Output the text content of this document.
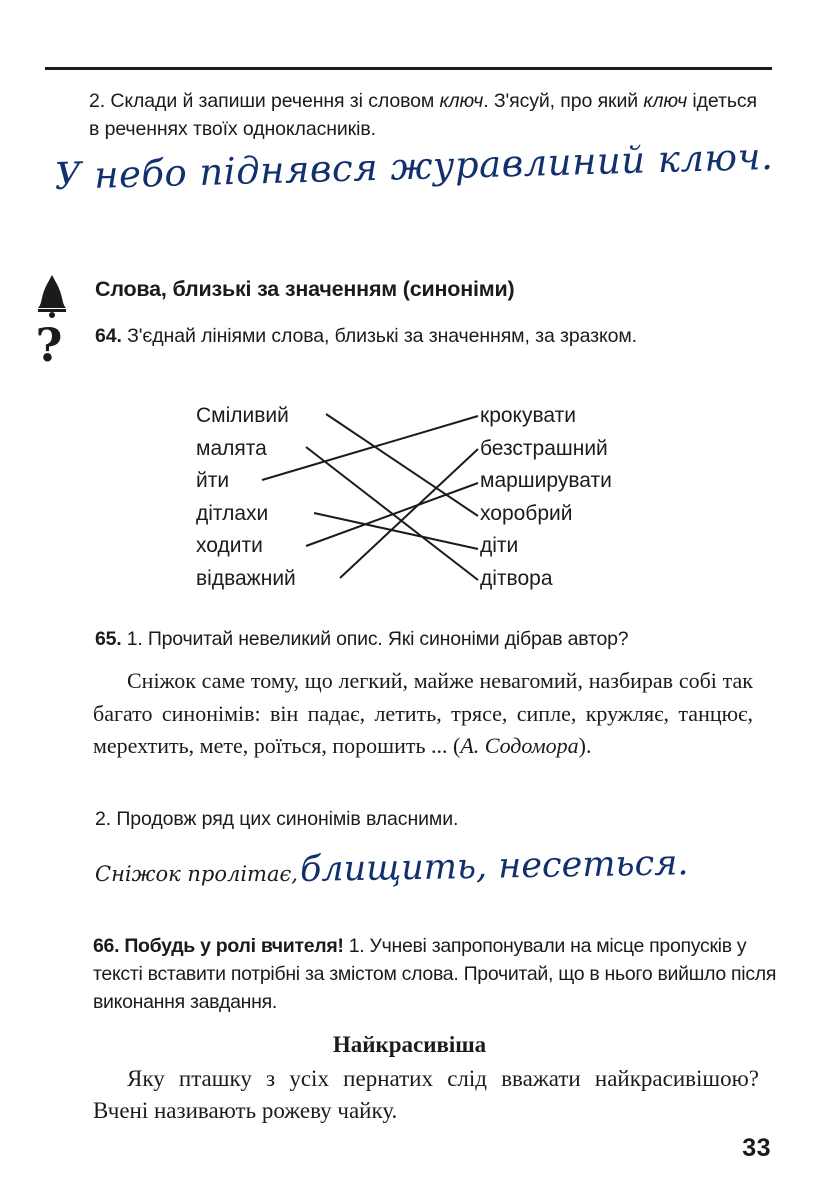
2. Склади й запиши речення зі словом ключ. З'ясуй, про який ключ ідеться в реченнях твоїх однокласників.
У небо піднявся журавлиний ключ.
?
Слова, близькі за значенням (синоніми)
64. З'єднай лініями слова, близькі за значенням, за зразком.
Сміливий
малята
йти
дітлахи
ходити
відважний
крокувати
безстрашний
марширувати
хоробрий
діти
дітвора
65. 1. Прочитай невеликий опис. Які синоніми дібрав автор?
Сніжок саме тому, що легкий, майже невагомий, назбирав собі так багато синонімів: він падає, летить, трясе, сипле, кружляє, танцює, мерехтить, мете, роїться, порошить ... (А. Содомора).
2. Продовж ряд цих синонімів власними.
Сніжок пролітає, блищить, несеться.
66. Побудь у ролі вчителя! 1. Учневі запропонували на місце пропусків у тексті вставити потрібні за змістом слова. Прочитай, що в нього вийшло після виконання завдання.
Найкрасивіша
Яку пташку з усіх пернатих слід вважати найкрасивішою? Вчені називають рожеву чайку.
33
